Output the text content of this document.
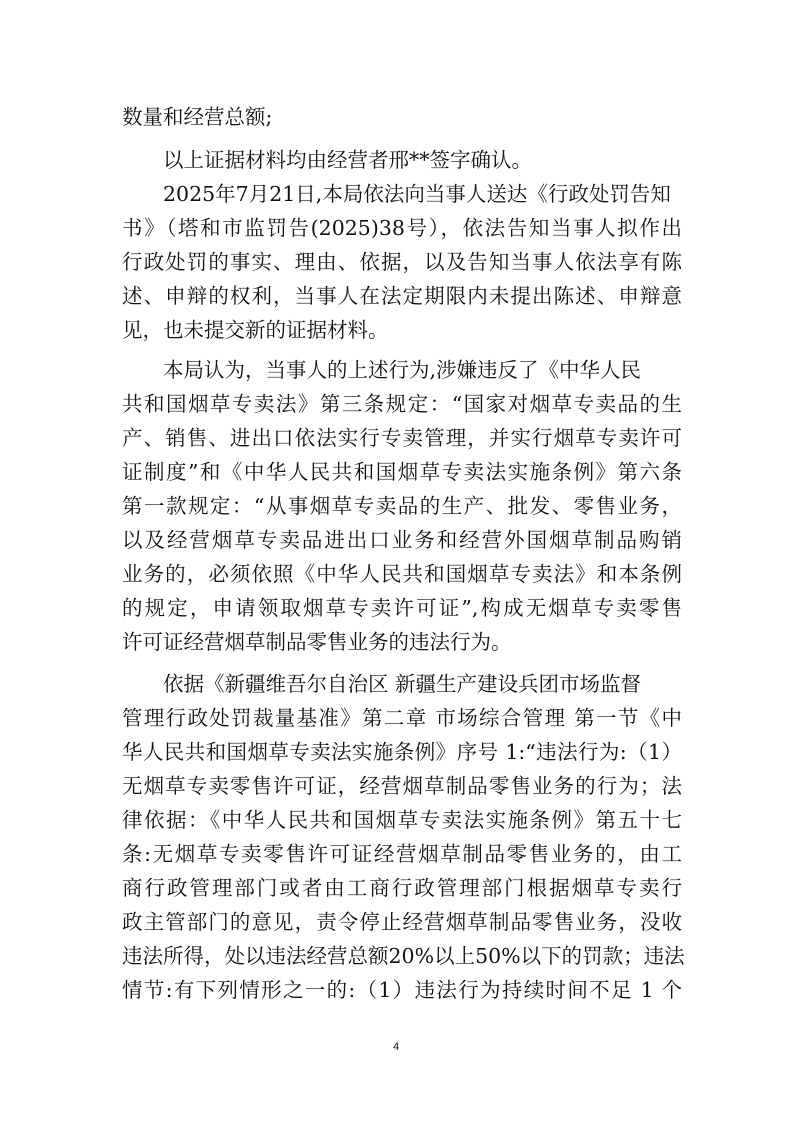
数量和经营总额;
以上证据材料均由经营者邢**签字确认。
2025年7月21日,本局依法向当事人送达《行政处罚告知
书》（塔和市监罚告(2025)38号），依法告知当事人拟作出
行政处罚的事实、理由、依据，以及告知当事人依法享有陈
述、申辩的权利，当事人在法定期限内未提出陈述、申辩意
见，也未提交新的证据材料。
本局认为，当事人的上述行为,涉嫌违反了《中华人民
共和国烟草专卖法》第三条规定：“国家对烟草专卖品的生
产、销售、进出口依法实行专卖管理，并实行烟草专卖许可
证制度”和《中华人民共和国烟草专卖法实施条例》第六条
第一款规定：“从事烟草专卖品的生产、批发、零售业务，
以及经营烟草专卖品进出口业务和经营外国烟草制品购销
业务的，必须依照《中华人民共和国烟草专卖法》和本条例
的规定，申请领取烟草专卖许可证”,构成无烟草专卖零售
许可证经营烟草制品零售业务的违法行为。
依据《新疆维吾尔自治区 新疆生产建设兵团市场监督
管理行政处罚裁量基准》第二章 市场综合管理 第一节《中
华人民共和国烟草专卖法实施条例》序号 1:“违法行为:（1）
无烟草专卖零售许可证，经营烟草制品零售业务的行为；法
律依据：《中华人民共和国烟草专卖法实施条例》第五十七
条:无烟草专卖零售许可证经营烟草制品零售业务的，由工
商行政管理部门或者由工商行政管理部门根据烟草专卖行
政主管部门的意见，责令停止经营烟草制品零售业务，没收
违法所得，处以违法经营总额20%以上50%以下的罚款；违法
情节:有下列情形之一的:（1）违法行为持续时间不足 1 个
4
